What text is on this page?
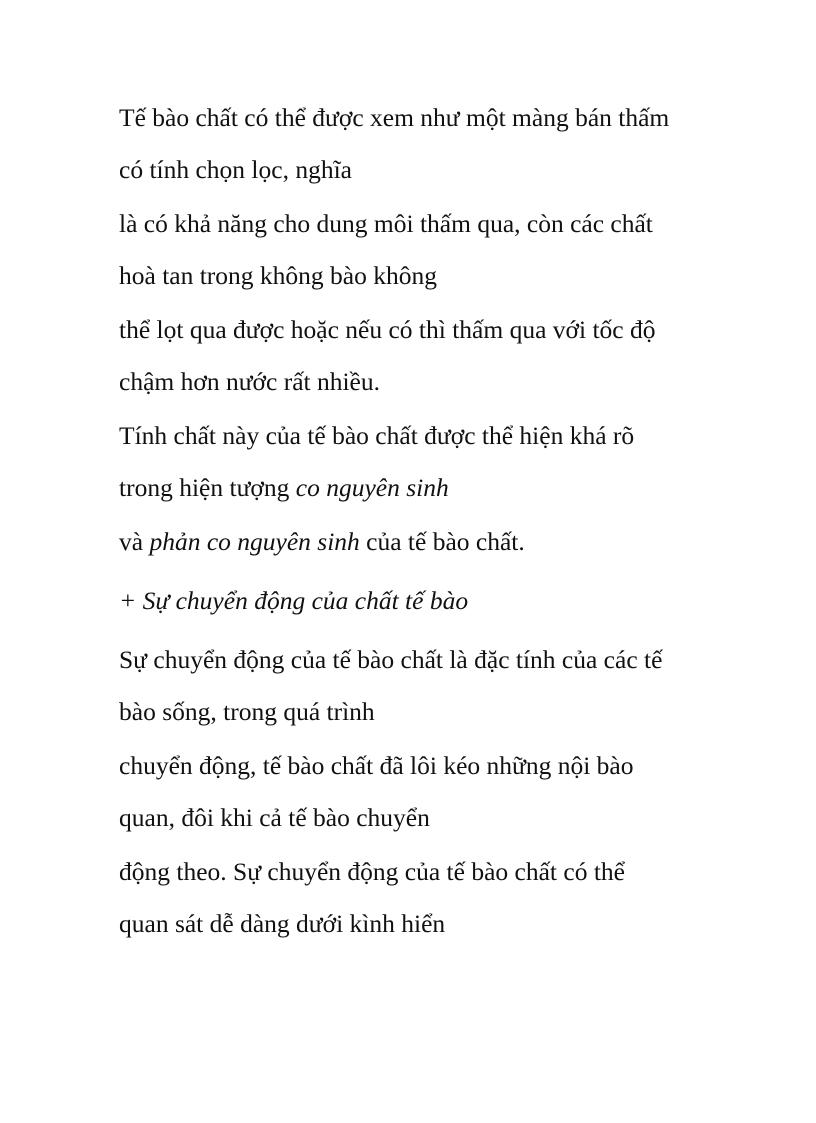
Tế bào chất có thể được xem như một màng bán thấm

có tính chọn lọc, nghĩa

là có khả năng cho dung môi thấm qua, còn các chất

hoà tan trong không bào không

thể lọt qua được hoặc nếu có thì thấm qua với tốc độ

chậm hơn nước rất nhiều.

Tính chất này của tế bào chất được thể hiện khá rõ

trong hiện tượng co nguyên sinh

và phản co nguyên sinh của tế bào chất.

+ Sự chuyển động của chất tế bào

Sự chuyển động của tế bào chất là đặc tính của các tế

bào sống, trong quá trình

chuyển động, tế bào chất đã lôi kéo những nội bào

quan, đôi khi cả tế bào chuyển

động theo. Sự chuyển động của tế bào chất có thể

quan sát dễ dàng dưới kình hiển
